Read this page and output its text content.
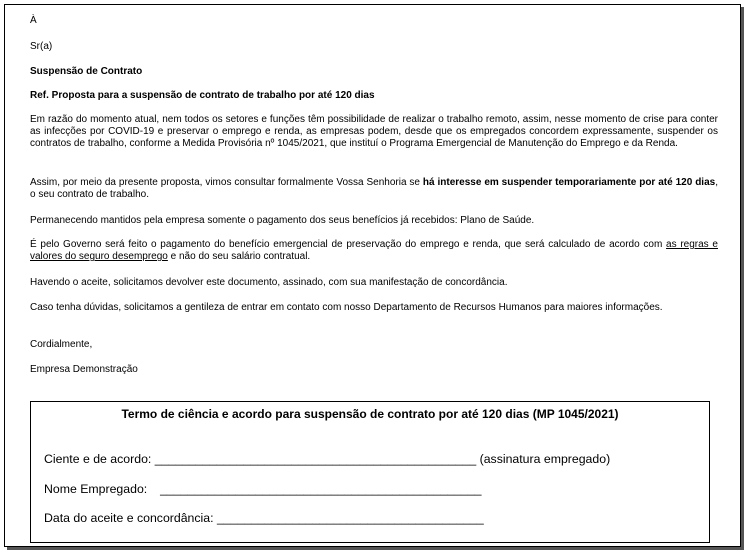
À

Sr(a)

Suspensão de Contrato

Ref. Proposta para a suspensão de contrato de trabalho por até 120 dias

Em razão do momento atual, nem todos os setores e funções têm possibilidade de realizar o trabalho remoto, assim, nesse momento de crise para conter as infecções por COVID-19 e preservar o emprego e renda, as empresas podem, desde que os empregados concordem expressamente, suspender os contratos de trabalho, conforme a Medida Provisória nº 1045/2021, que instituí o Programa Emergencial de Manutenção do Emprego e da Renda.

Assim, por meio da presente proposta, vimos consultar formalmente Vossa Senhoria se há interesse em suspender temporariamente por até 120 dias, o seu contrato de trabalho.

Permanecendo mantidos pela empresa somente o pagamento dos seus benefícios já recebidos: Plano de Saúde.

É pelo Governo será feito o pagamento do benefício emergencial de preservação do emprego e renda, que será calculado de acordo com as regras e valores do seguro desemprego e não do seu salário contratual.

Havendo o aceite, solicitamos devolver este documento, assinado, com sua manifestação de concordância.

Caso tenha dúvidas, solicitamos a gentileza de entrar em contato com nosso Departamento de Recursos Humanos para maiores informações.

Cordialmente,

Empresa Demonstração

Termo de ciência e acordo para suspensão de contrato por até 120 dias (MP 1045/2021)
Ciente e de acordo: _______________________________________________ (assinatura empregado)
Nome Empregado: _______________________________________________
Data do aceite e concordância: _______________________________________
